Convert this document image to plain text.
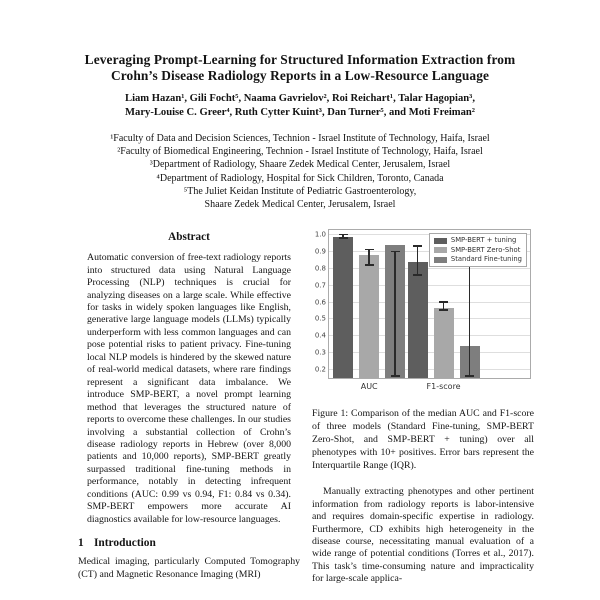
Leveraging Prompt-Learning for Structured Information Extraction from Crohn’s Disease Radiology Reports in a Low-Resource Language
Liam Hazan¹, Gili Focht⁵, Naama Gavrielov², Roi Reichart¹, Talar Hagopian³,
Mary-Louise C. Greer⁴, Ruth Cytter Kuint³, Dan Turner⁵, and Moti Freiman²
¹Faculty of Data and Decision Sciences, Technion - Israel Institute of Technology, Haifa, Israel
²Faculty of Biomedical Engineering, Technion - Israel Institute of Technology, Haifa, Israel
³Department of Radiology, Shaare Zedek Medical Center, Jerusalem, Israel
⁴Department of Radiology, Hospital for Sick Children, Toronto, Canada
⁵The Juliet Keidan Institute of Pediatric Gastroenterology,
Shaare Zedek Medical Center, Jerusalem, Israel
Abstract

Automatic conversion of free-text radiology reports into structured data using Natural Language Processing (NLP) techniques is crucial for analyzing diseases on a large scale. While effective for tasks in widely spoken languages like English, generative large language models (LLMs) typically underperform with less common languages and can pose potential risks to patient privacy. Fine-tuning local NLP models is hindered by the skewed nature of real-world medical datasets, where rare findings represent a significant data imbalance. We introduce SMP-BERT, a novel prompt learning method that leverages the structured nature of reports to overcome these challenges. In our studies involving a substantial collection of Crohn’s disease radiology reports in Hebrew (over 8,000 patients and 10,000 reports), SMP-BERT greatly surpassed traditional fine-tuning methods in performance, notably in detecting infrequent conditions (AUC: 0.99 vs 0.94, F1: 0.84 vs 0.34). SMP-BERT empowers more accurate AI diagnostics available for low-resource languages.

1 Introduction

Medical imaging, particularly Computed Tomography (CT) and Magnetic Resonance Imaging (MRI)

SMP-BERT + tuning
SMP-BERT Zero-Shot
Standard Fine-tuning
0.2
0.3
0.4
0.5
0.6
0.7
0.8
0.9
1.0
AUC	F1-score
Figure 1: Comparison of the median AUC and F1-score of three models (Standard Fine-tuning, SMP-BERT Zero-Shot, and SMP-BERT + tuning) over all phenotypes with 10+ positives. Error bars represent the Interquartile Range (IQR).

Manually extracting phenotypes and other pertinent information from radiology reports is labor-intensive and requires domain-specific expertise in radiology. Furthermore, CD exhibits high heterogeneity in the disease course, necessitating manual evaluation of a wide range of potential conditions (Torres et al., 2017). This task’s time-consuming nature and impracticality for large-scale applica-
